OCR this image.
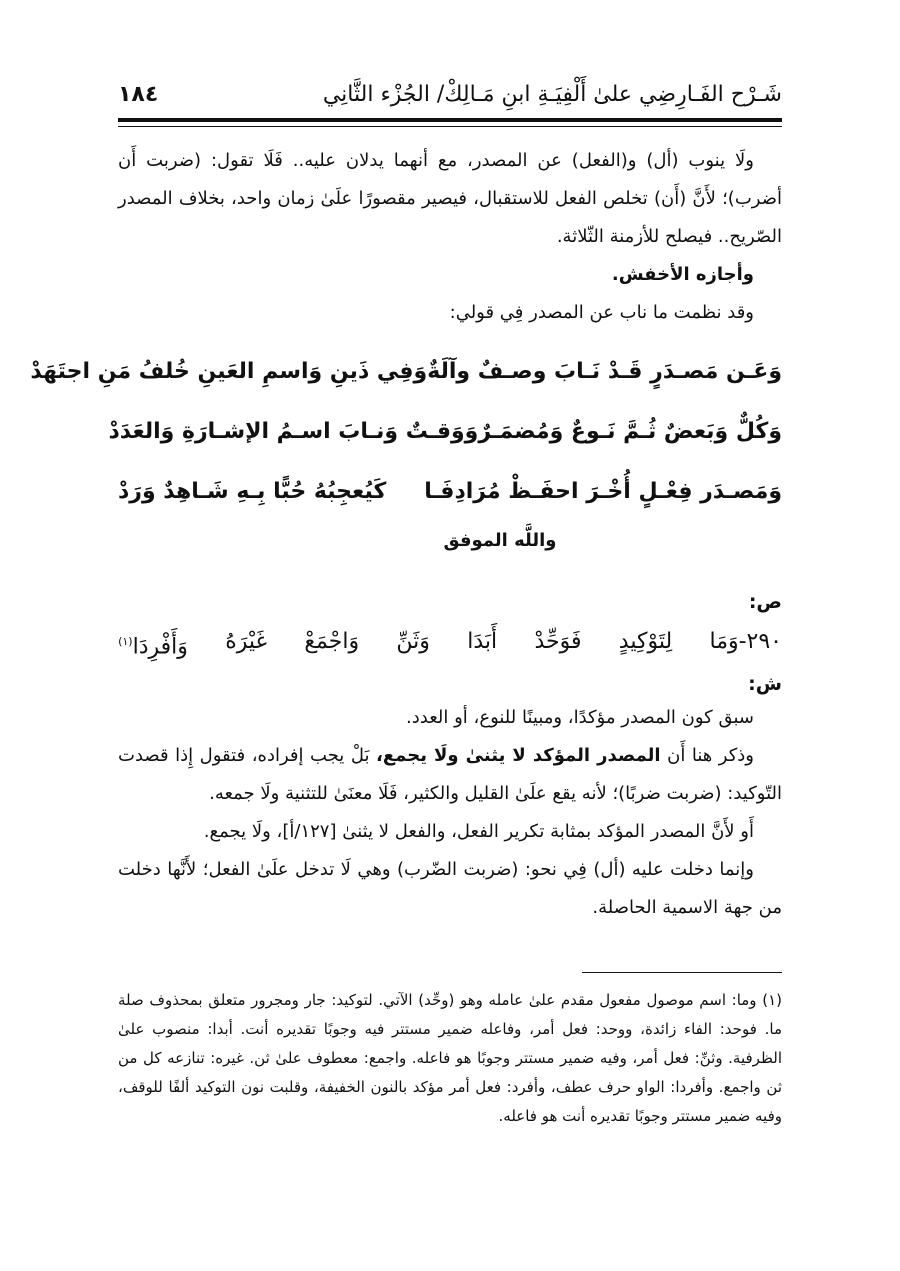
شَـرْح الفَـارِضِي علىٰ أَلْفِيَـةِ ابنِ مَـالِكْ/ الجُزْء الثَّانِي
١٨٤

ولَا ينوب (أل) و(الفعل) عن المصدر، مع أنهما يدلان عليه.. فَلَا تقول: (ضربت أَن أضرب)؛ لأَنَّ (أَن) تخلص الفعل للاستقبال، فيصير مقصورًا علَىٰ زمان واحد، بخلاف المصدر الصّريح.. فيصلح للأزمنة الثّلاثة.

وأجازه الأخفش.

وقد نظمت ما ناب عن المصدر فِي قولي:

وَعَـن مَصـدَرٍ قَـدْ نَـابَ وصـفٌ وآلَةٌ
وَفِي ذَينِ وَاسمِ العَينِ خُلفُ مَنِ اجتَهَدْ
وَكُلٌّ وَبَعضٌ ثُـمَّ نَـوعٌ وَمُضمَـرٌ
وَوَقـتٌ وَنـابَ اسـمُ الإشـارَةِ وَالعَدَدْ
وَمَصـدَر فِعْـلٍ أُخْـرَ احفَـظْ مُرَادِفَـا
كَيُعجِبُهُ حُبًّا بِـهِ شَـاهِدٌ وَرَدْ
واللَّه الموفق
ص:
٢٩٠-وَمَا
لِتَوْكِيدٍ
فَوَحِّدْ
أَبَدَا
وَثَنِّ
وَاجْمَعْ
غَيْرَهُ
وَأَفْرِدَا$^{(١)}$
ش:

سبق كون المصدر مؤكدًا، ومبينًا للنوع، أو العدد.

وذكر هنا أَن المصدر المؤكد لا يثنىٰ ولَا يجمع، بَلْ يجب إفراده، فتقول إِذا قصدت التّوكيد: (ضربت ضربًا)؛ لأنه يقع علَىٰ القليل والكثير، فَلَا معنَىٰ للتثنية ولَا جمعه.

أَو لأَنَّ المصدر المؤكد بمثابة تكرير الفعل، والفعل لا يثنىٰ [١٢٧/أ]، ولَا يجمع.

وإنما دخلت عليه (أل) فِي نحو: (ضربت الضّرب) وهي لَا تدخل علَىٰ الفعل؛ لأَنَّها دخلت من جهة الاسمية الحاصلة.

(١) وما: اسم موصول مفعول مقدم علىٰ عامله وهو (وحِّد) الآتي. لتوكيد: جار ومجرور متعلق بمحذوف صلة ما. فوحد: الفاء زائدة، ووحد: فعل أمر، وفاعله ضمير مستتر فيه وجوبًا تقديره أنت. أبدا: منصوب علىٰ الظرفية. وثنِّ: فعل أمر، وفيه ضمير مستتر وجوبًا هو فاعله. واجمع: معطوف علىٰ ثن. غيره: تنازعه كل من ثن واجمع. وأفردا: الواو حرف عطف، وأفرد: فعل أمر مؤكد بالنون الخفيفة، وقلبت نون التوكيد ألفًا للوقف، وفيه ضمير مستتر وجوبًا تقديره أنت هو فاعله.
